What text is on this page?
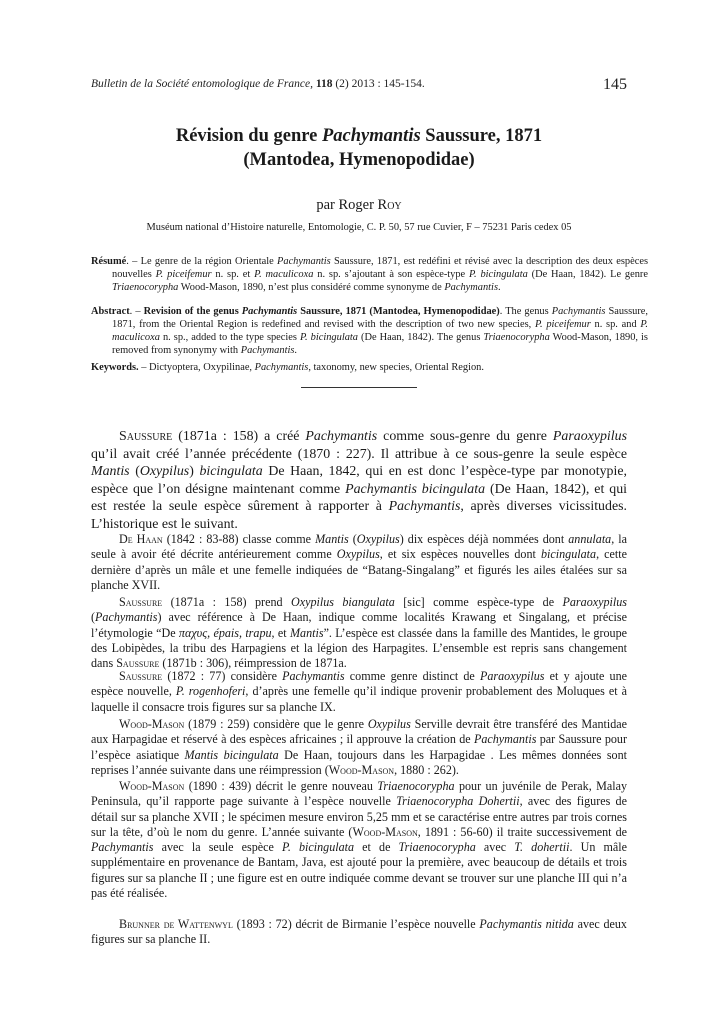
Bulletin de la Société entomologique de France, 118 (2) 2013 : 145-154.	145
Révision du genre Pachymantis Saussure, 1871
(Mantodea, Hymenopodidae)
par Roger Roy
Muséum national d’Histoire naturelle, Entomologie, C. P. 50, 57 rue Cuvier, F – 75231 Paris cedex 05
Résumé. – Le genre de la région Orientale Pachymantis Saussure, 1871, est redéfini et révisé avec la description des deux espèces nouvelles P. piceifemur n. sp. et P. maculicoxa n. sp. s’ajoutant à son espèce-type P. bicingulata (De Haan, 1842). Le genre Triaenocorypha Wood-Mason, 1890, n’est plus considéré comme synonyme de Pachymantis.
Abstract. – Revision of the genus Pachymantis Saussure, 1871 (Mantodea, Hymenopodidae). The genus Pachymantis Saussure, 1871, from the Oriental Region is redefined and revised with the description of two new species, P. piceifemur n. sp. and P. maculicoxa n. sp., added to the type species P. bicingulata (De Haan, 1842). The genus Triaenocorypha Wood-Mason, 1890, is removed from synonymy with Pachymantis.
Keywords. – Dictyoptera, Oxypilinae, Pachymantis, taxonomy, new species, Oriental Region.
Saussure (1871a : 158) a créé Pachymantis comme sous-genre du genre Paraoxypilus qu’il avait créé l’année précédente (1870 : 227). Il attribue à ce sous-genre la seule espèce Mantis (Oxypilus) bicingulata De Haan, 1842, qui en est donc l’espèce-type par monotypie, espèce que l’on désigne maintenant comme Pachymantis bicingulata (De Haan, 1842), et qui est restée la seule espèce sûrement à rapporter à Pachymantis, après diverses vicissitudes. L’historique est le suivant.
De Haan (1842 : 83-88) classe comme Mantis (Oxypilus) dix espèces déjà nommées dont annulata, la seule à avoir été décrite antérieurement comme Oxypilus, et six espèces nouvelles dont bicingulata, cette dernière d’après un mâle et une femelle indiquées de “Batang-Singalang” et figurés les ailes étalées sur sa planche XVII.
Saussure (1871a : 158) prend Oxypilus biangulata [sic] comme espèce-type de Paraoxypilus (Pachymantis) avec référence à De Haan, indique comme localités Krawang et Singalang, et précise l’étymologie “De παχυς, épais, trapu, et Mantis”. L’espèce est classée dans la famille des Mantides, le groupe des Lobipèdes, la tribu des Harpagiens et la légion des Harpagites. L’ensemble est repris sans changement dans Saussure (1871b : 306), réimpression de 1871a.
Saussure (1872 : 77) considère Pachymantis comme genre distinct de Paraoxypilus et y ajoute une espèce nouvelle, P. rogenhoferi, d’après une femelle qu’il indique provenir probablement des Moluques et à laquelle il consacre trois figures sur sa planche IX.
Wood-Mason (1879 : 259) considère que le genre Oxypilus Serville devrait être transféré des Mantidae aux Harpagidae et réservé à des espèces africaines ; il approuve la création de Pachymantis par Saussure pour l’espèce asiatique Mantis bicingulata De Haan, toujours dans les Harpagidae . Les mêmes données sont reprises l’année suivante dans une réimpression (Wood-Mason, 1880 : 262).
Wood-Mason (1890 : 439) décrit le genre nouveau Triaenocorypha pour un juvénile de Perak, Malay Peninsula, qu’il rapporte page suivante à l’espèce nouvelle Triaenocorypha Dohertii, avec des figures de détail sur sa planche XVII ; le spécimen mesure environ 5,25 mm et se caractérise entre autres par trois cornes sur la tête, d’où le nom du genre. L’année suivante (Wood-Mason, 1891 : 56-60) il traite successivement de Pachymantis avec la seule espèce P. bicingulata et de Triaenocorypha avec T. dohertii. Un mâle supplémentaire en provenance de Bantam, Java, est ajouté pour la première, avec beaucoup de détails et trois figures sur sa planche II ; une figure est en outre indiquée comme devant se trouver sur une planche III qui n’a pas été réalisée.
Brunner de Wattenwyl (1893 : 72) décrit de Birmanie l’espèce nouvelle Pachymantis nitida avec deux figures sur sa planche II.
